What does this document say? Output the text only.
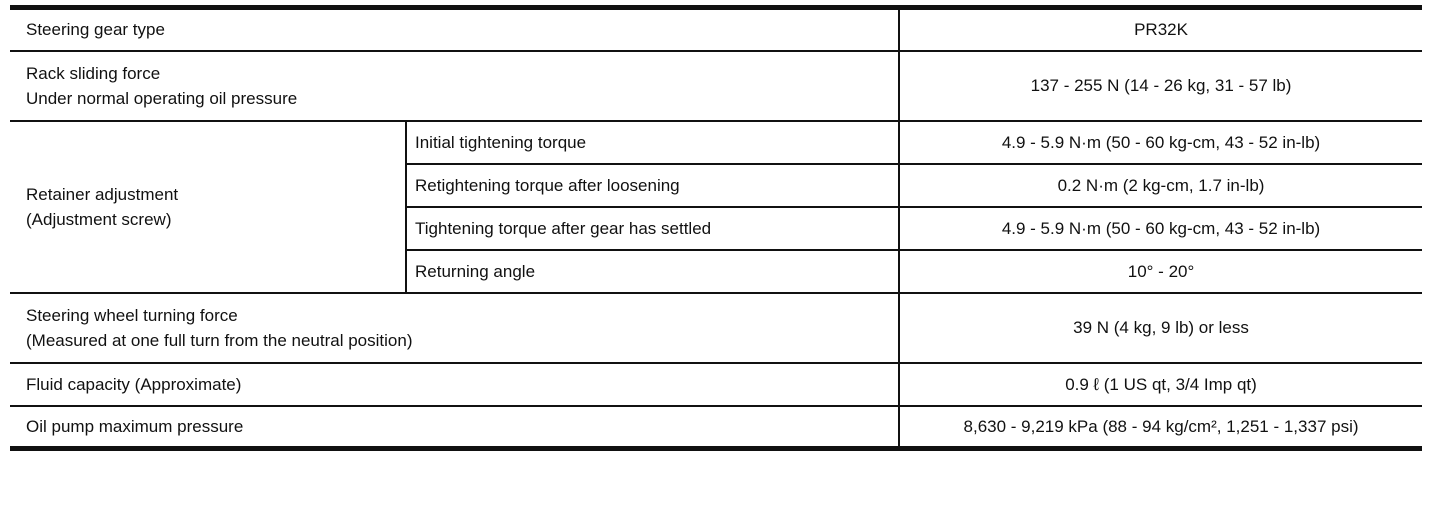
Steering gear type		PR32K

Rack sliding force
Under normal operating oil pressure		137 - 255 N (14 - 26 kg, 31 - 57 lb)

Retainer adjustment
(Adjustment screw)	Initial tightening torque	4.9 - 5.9 N·m (50 - 60 kg-cm, 43 - 52 in-lb)
	Retightening torque after loosening	0.2 N·m (2 kg-cm, 1.7 in-lb)
	Tightening torque after gear has settled	4.9 - 5.9 N·m (50 - 60 kg-cm, 43 - 52 in-lb)
	Returning angle	10° - 20°

Steering wheel turning force
(Measured at one full turn from the neutral position)		39 N (4 kg, 9 lb) or less
Fluid capacity (Approximate)		0.9 ℓ (1 US qt, 3/4 Imp qt)
Oil pump maximum pressure		8,630 - 9,219 kPa (88 - 94 kg/cm², 1,251 - 1,337 psi)
